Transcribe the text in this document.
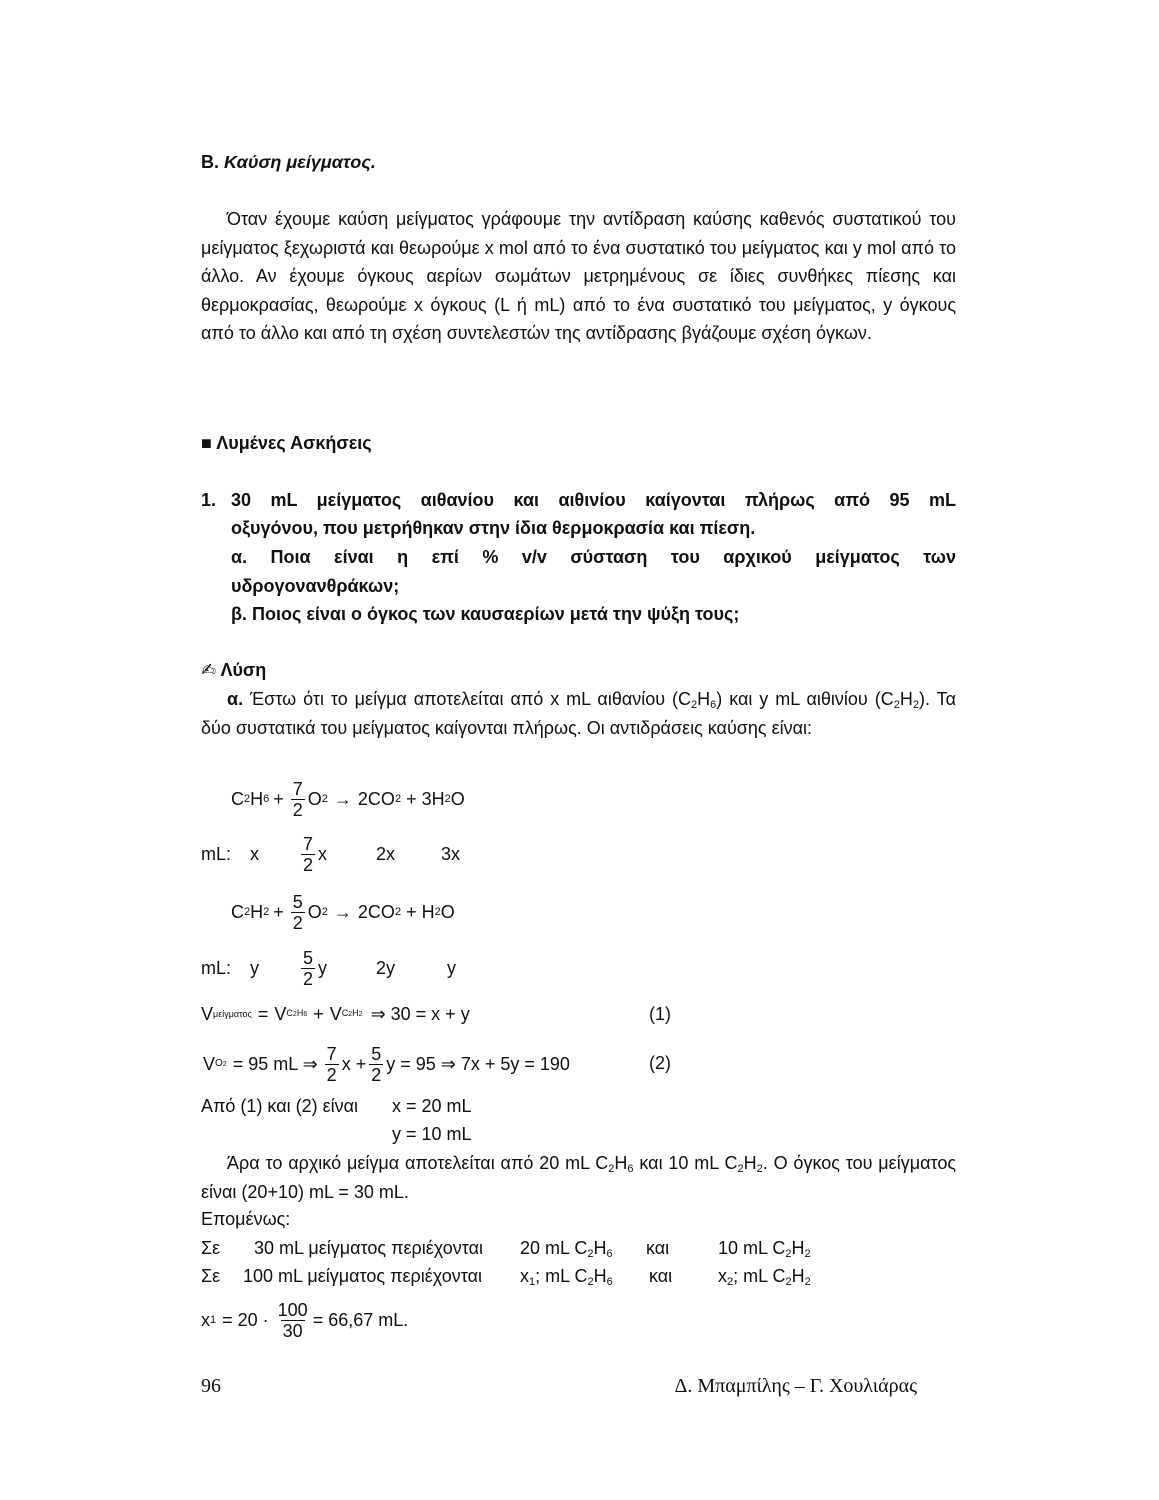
Β. Καύση μείγματος.
Όταν έχουμε καύση μείγματος γράφουμε την αντίδραση καύσης καθενός συστατικού του μείγματος ξεχωριστά και θεωρούμε x mol από το ένα συστατικό του μείγματος και y mol από το άλλο. Αν έχουμε όγκους αερίων σωμάτων μετρημένους σε ίδιες συνθήκες πίεσης και θερμοκρασίας, θεωρούμε x όγκους (L ή mL) από το ένα συστατικό του μείγματος, y όγκους από το άλλο και από τη σχέση συντελεστών της αντίδρασης βγάζουμε σχέση όγκων.
■ Λυμένες Ασκήσεις
1. 30 mL μείγματος αιθανίου και αιθινίου καίγονται πλήρως από 95 mL
οξυγόνου, που μετρήθηκαν στην ίδια θερμοκρασία και πίεση.
α. Ποια είναι η επί % v/v σύσταση του αρχικού μείγματος των
υδρογονανθράκων;
β. Ποιος είναι ο όγκος των καυσαερίων μετά την ψύξη τους;
✍ Λύση
α. Έστω ότι το μείγμα αποτελείται από x mL αιθανίου $(C_2H_6)$ και y mL αιθινίου $(C_2H_2)$. Τα δύο συστατικά του μείγματος καίγονται πλήρως. Οι αντιδράσεις καύσης είναι:
C 2 H $6 + \frac{7}{2}$ O 2 → 2CO 2 + 3H 2 O
mL: x $\frac{7}{2}$ x	2x	3x
C 2 H $2 + \frac{5}{2}$ O 2 → 2CO 2 + H 2 O
mL: y $\frac{5}{2}$ y	2y	y
V μείγματος = V C2H6 + V C2H2 ⇒ 30 = x + y	(1)
V O2 = 95 mL ⇒ $\frac{7}{2}$ $x + \frac{5}{2}$ y = 95 ⇒ 7x + 5y = 190	(2)
Από (1) και (2) είναι x = 20 mL
y = 10 mL
Άρα το αρχικό μείγμα αποτελείται από 20 mL $C_2H_6$ και 10 mL $C_2H_2$. Ο όγκος του μείγματος είναι (20+10) mL = 30 mL.
Επομένως:
Σε 30 mL μείγματος περιέχονται 20 mL $C_2H_6$ και	10 mL $C_2H_2$
Σε 100 mL μείγματος περιέχονται $x_1$; mL $C_2H_6$ και	$x_2$; mL $C_2H_2$
x $1 = 20 \cdot \frac{100}{30} = 66,67$ mL.
96	Δ. Μπαμπίλης – Γ. Χουλιάρας
